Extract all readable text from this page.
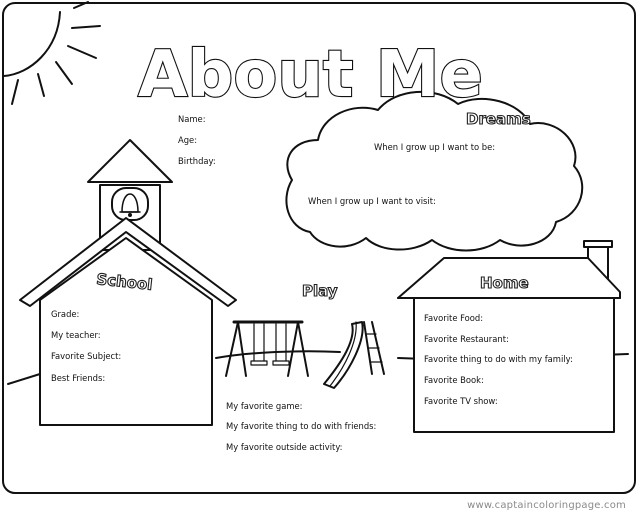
About Me
Dreams
School	Play	Home
Name:
Age:
Birthday:
When I grow up I want to be:
When I grow up I want to visit:
Grade:
My teacher:
Favorite Subject:
Best Friends:
My favorite game:
My favorite thing to do with friends:
My favorite outside activity:
Favorite Food:
Favorite Restaurant:
Favorite thing to do with my family:
Favorite Book:
Favorite TV show:
www.captaincoloringpage.com
